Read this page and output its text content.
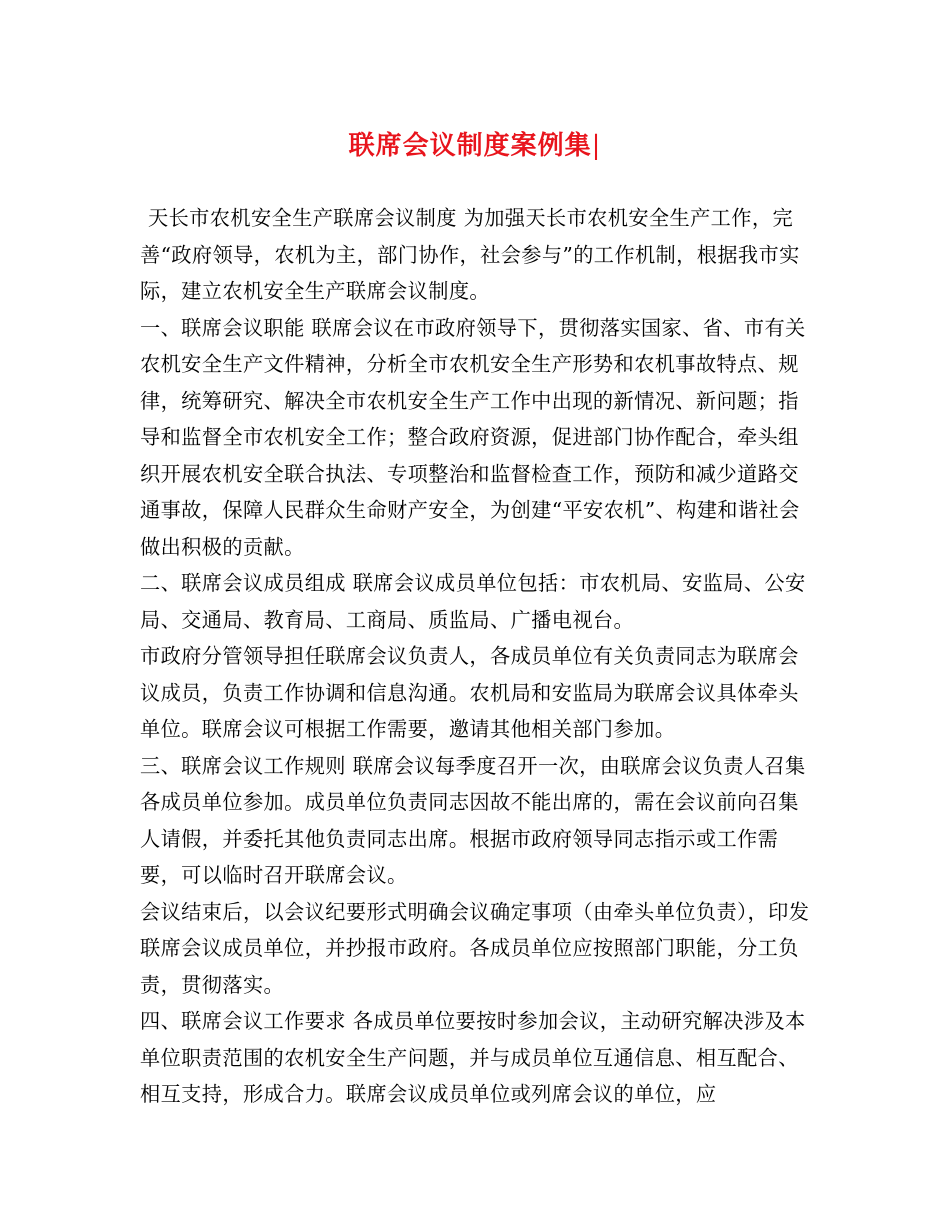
联席会议制度案例集|

天长市农机安全生产联席会议制度 为加强天长市农机安全生产工作，完善“政府领导，农机为主，部门协作，社会参与”的工作机制，根据我市实际，建立农机安全生产联席会议制度。

一、联席会议职能 联席会议在市政府领导下，贯彻落实国家、省、市有关农机安全生产文件精神，分析全市农机安全生产形势和农机事故特点、规律，统筹研究、解决全市农机安全生产工作中出现的新情况、新问题；指导和监督全市农机安全工作；整合政府资源，促进部门协作配合，牵头组织开展农机安全联合执法、专项整治和监督检查工作，预防和减少道路交通事故，保障人民群众生命财产安全，为创建“平安农机”、构建和谐社会做出积极的贡献。

二、联席会议成员组成 联席会议成员单位包括：市农机局、安监局、公安局、交通局、教育局、工商局、质监局、广播电视台。

市政府分管领导担任联席会议负责人，各成员单位有关负责同志为联席会议成员，负责工作协调和信息沟通。农机局和安监局为联席会议具体牵头单位。联席会议可根据工作需要，邀请其他相关部门参加。

三、联席会议工作规则 联席会议每季度召开一次，由联席会议负责人召集各成员单位参加。成员单位负责同志因故不能出席的，需在会议前向召集人请假，并委托其他负责同志出席。根据市政府领导同志指示或工作需要，可以临时召开联席会议。

会议结束后，以会议纪要形式明确会议确定事项（由牵头单位负责），印发联席会议成员单位，并抄报市政府。各成员单位应按照部门职能，分工负责，贯彻落实。

四、联席会议工作要求 各成员单位要按时参加会议，主动研究解决涉及本单位职责范围的农机安全生产问题，并与成员单位互通信息、相互配合、相互支持，形成合力。联席会议成员单位或列席会议的单位，应
